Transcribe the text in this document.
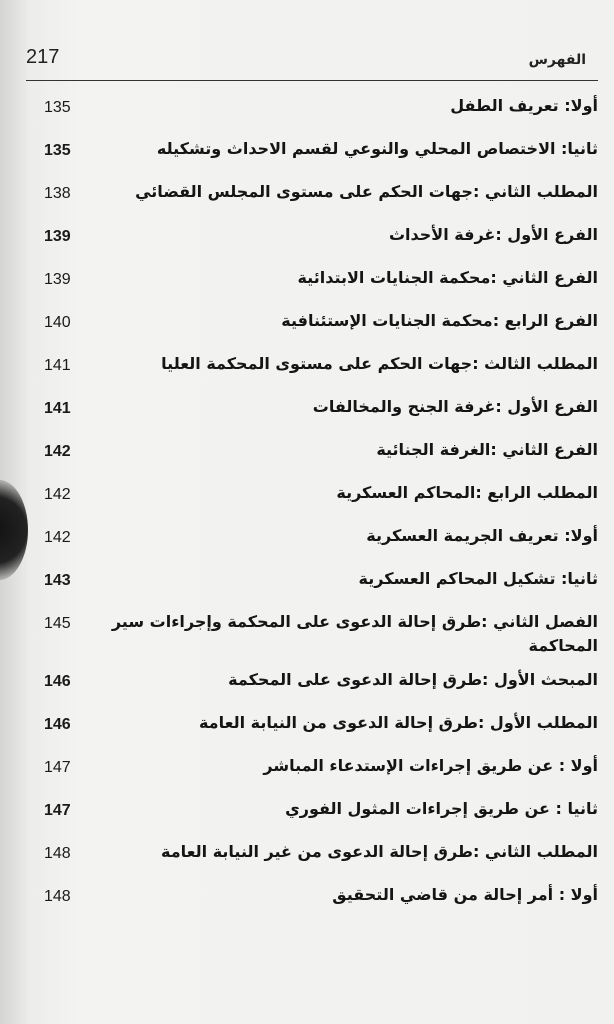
217	الفهرس
135	أولا: تعريف الطفل
135	ثانيا: الاختصاص المحلي والنوعي لقسم الاحداث وتشكيله
138	المطلب الثاني :جهات الحكم على مستوى المجلس القضائي
139	الفرع الأول :غرفة الأحداث
139	الفرع الثاني :محكمة الجنايات الابتدائية
140	الفرع الرابع :محكمة الجنايات الإستئنافية
141	المطلب الثالث :جهات الحكم على مستوى المحكمة العليا
141	الفرع الأول :غرفة الجنح والمخالفات
142	الفرع الثاني :الغرفة الجنائية
142	المطلب الرابع :المحاكم العسكرية
142	أولا: تعريف الجريمة العسكرية
143	ثانيا: تشكيل المحاكم العسكرية
145	الفصل الثاني :طرق إحالة الدعوى على المحكمة وإجراءات سير المحاكمة
146	المبحث الأول :طرق إحالة الدعوى على المحكمة
146	المطلب الأول :طرق إحالة الدعوى من النيابة العامة
147	أولا : عن طريق إجراءات الإستدعاء المباشر
147	ثانيا : عن طريق إجراءات المثول الفوري
148	المطلب الثاني :طرق إحالة الدعوى من غير النيابة العامة
148	أولا : أمر إحالة من قاضي التحقيق
